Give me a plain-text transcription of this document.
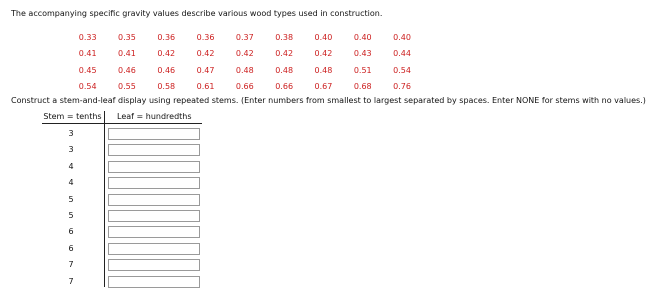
The accompanying specific gravity values describe various wood types used in construction.
0.33	0.35	0.36	0.36	0.37	0.38	0.40	0.40	0.40
0.41	0.41	0.42	0.42	0.42	0.42	0.42	0.43	0.44
0.45	0.46	0.46	0.47	0.48	0.48	0.48	0.51	0.54
0.54	0.55	0.58	0.61	0.66	0.66	0.67	0.68	0.76
Construct a stem-and-leaf display using repeated stems. (Enter numbers from smallest to largest separated by spaces. Enter NONE for stems with no values.)
Stem = tenths	Leaf = hundredths
3
3
4
4
5
5
6
6
7
7
